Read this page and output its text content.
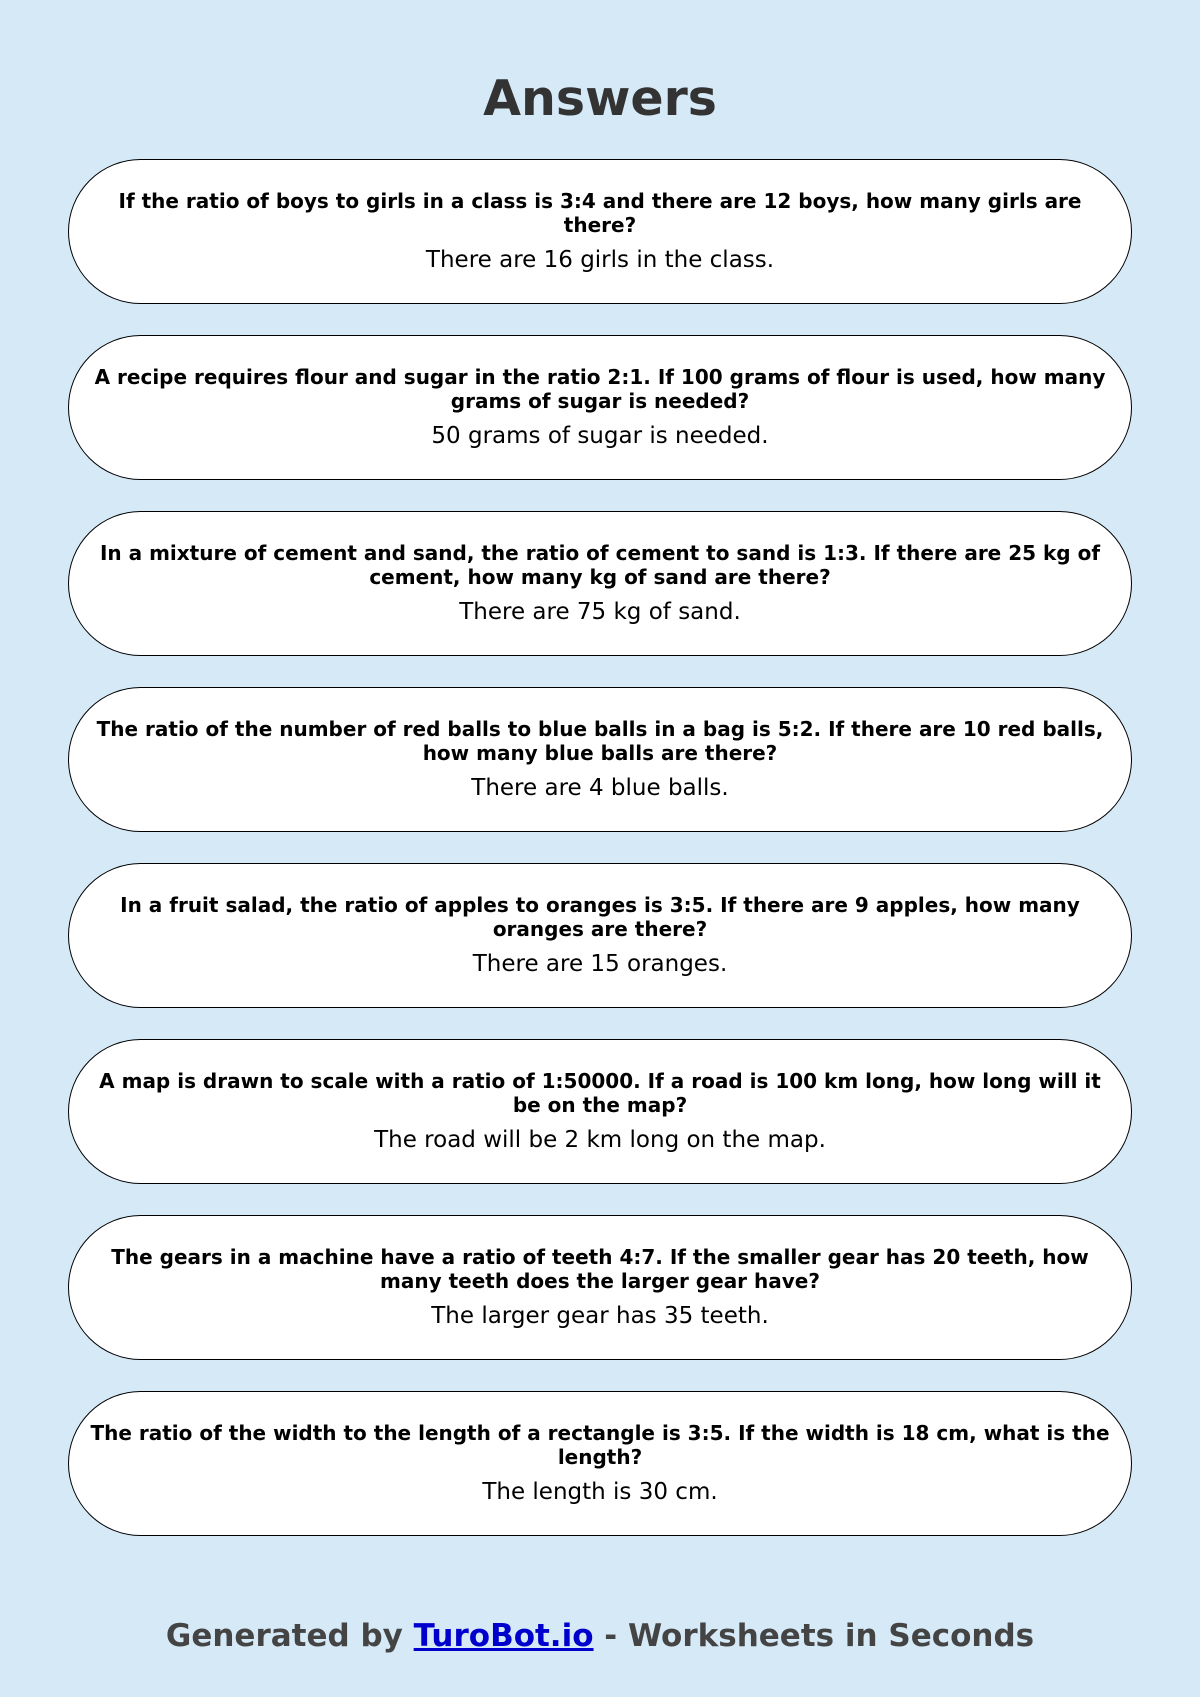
Answers

If the ratio of boys to girls in a class is 3:4 and there are 12 boys, how many girls are there?

There are 16 girls in the class.

A recipe requires flour and sugar in the ratio 2:1. If 100 grams of flour is used, how many grams of sugar is needed?

50 grams of sugar is needed.

In a mixture of cement and sand, the ratio of cement to sand is 1:3. If there are 25 kg of cement, how many kg of sand are there?

There are 75 kg of sand.

The ratio of the number of red balls to blue balls in a bag is 5:2. If there are 10 red balls, how many blue balls are there?

There are 4 blue balls.

In a fruit salad, the ratio of apples to oranges is 3:5. If there are 9 apples, how many oranges are there?

There are 15 oranges.

A map is drawn to scale with a ratio of 1:50000. If a road is 100 km long, how long will it be on the map?

The road will be 2 km long on the map.

The gears in a machine have a ratio of teeth 4:7. If the smaller gear has 20 teeth, how many teeth does the larger gear have?

The larger gear has 35 teeth.

The ratio of the width to the length of a rectangle is 3:5. If the width is 18 cm, what is the length?

The length is 30 cm.
Generated by TuroBot.io - Worksheets in Seconds
